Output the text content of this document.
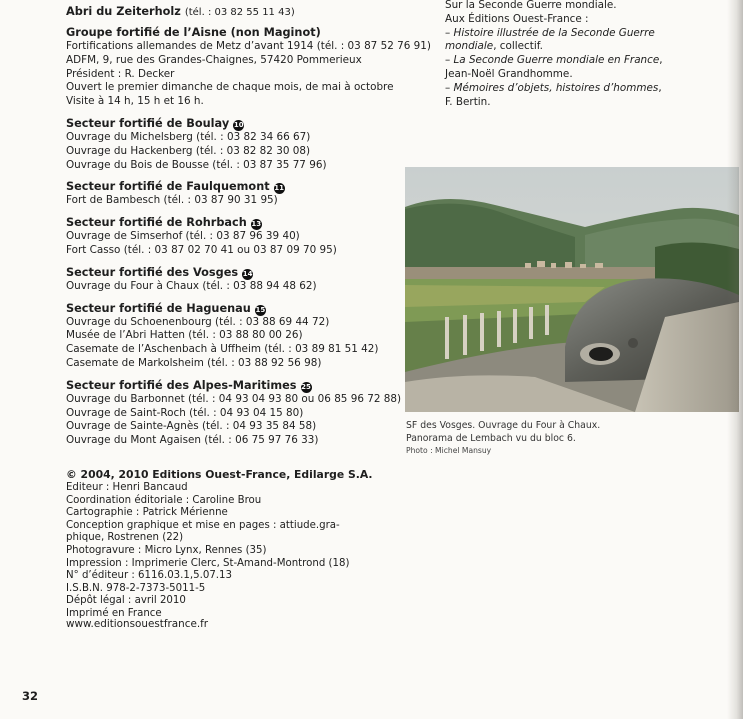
Abri du Zeiterholz (tél. : 03 82 55 11 43)
Groupe fortifié de l’Aisne (non Maginot)
Fortifications allemandes de Metz d’avant 1914 (tél. : 03 87 52 76 91)
ADFM, 9, rue des Grandes-Chaignes, 57420 Pommerieux
Président : R. Decker
Ouvert le premier dimanche de chaque mois, de mai à octobre
Visite à 14 h, 15 h et 16 h.
Secteur fortifié de Boulay 10
Ouvrage du Michelsberg (tél. : 03 82 34 66 67)
Ouvrage du Hackenberg (tél. : 03 82 82 30 08)
Ouvrage du Bois de Bousse (tél. : 03 87 35 77 96)
Secteur fortifié de Faulquemont 11
Fort de Bambesch (tél. : 03 87 90 31 95)
Secteur fortifié de Rohrbach 13
Ouvrage de Simserhof (tél. : 03 87 96 39 40)
Fort Casso (tél. : 03 87 02 70 41 ou 03 87 09 70 95)
Secteur fortifié des Vosges 14
Ouvrage du Four à Chaux (tél. : 03 88 94 48 62)
Secteur fortifié de Haguenau 15
Ouvrage du Schoenenbourg (tél. : 03 88 69 44 72)
Musée de l’Abri Hatten (tél. : 03 88 80 00 26)
Casemate de l’Aschenbach à Uffheim (tél. : 03 89 81 51 42)
Casemate de Markolsheim (tél. : 03 88 92 56 98)
Secteur fortifié des Alpes-Maritimes 25
Ouvrage du Barbonnet (tél. : 04 93 04 93 80 ou 06 85 96 72 88)
Ouvrage de Saint-Roch (tél. : 04 93 04 15 80)
Ouvrage de Sainte-Agnès (tél. : 04 93 35 84 58)
Ouvrage du Mont Agaisen (tél. : 06 75 97 76 33)
Sur la Seconde Guerre mondiale.
Aux Éditions Ouest-France :
– Histoire illustrée de la Seconde Guerre
mondiale, collectif.
– La Seconde Guerre mondiale en France,
Jean-Noël Grandhomme.
– Mémoires d’objets, histoires d’hommes,
F. Bertin.
SF des Vosges. Ouvrage du Four à Chaux.
Panorama de Lembach vu du bloc 6.
Photo : Michel Mansuy
© 2004, 2010 Editions Ouest-France, Edilarge S.A.
Editeur : Henri Bancaud
Coordination éditoriale : Caroline Brou
Cartographie : Patrick Mérienne
Conception graphique et mise en pages : attiude.gra-
phique, Rostrenen (22)
Photogravure : Micro Lynx, Rennes (35)
Impression : Imprimerie Clerc, St-Amand-Montrond (18)
N° d’éditeur : 6116.03.1,5.07.13
I.S.B.N. 978-2-7373-5011-5
Dépôt légal : avril 2010
Imprimé en France
www.editionsouestfrance.fr
32
